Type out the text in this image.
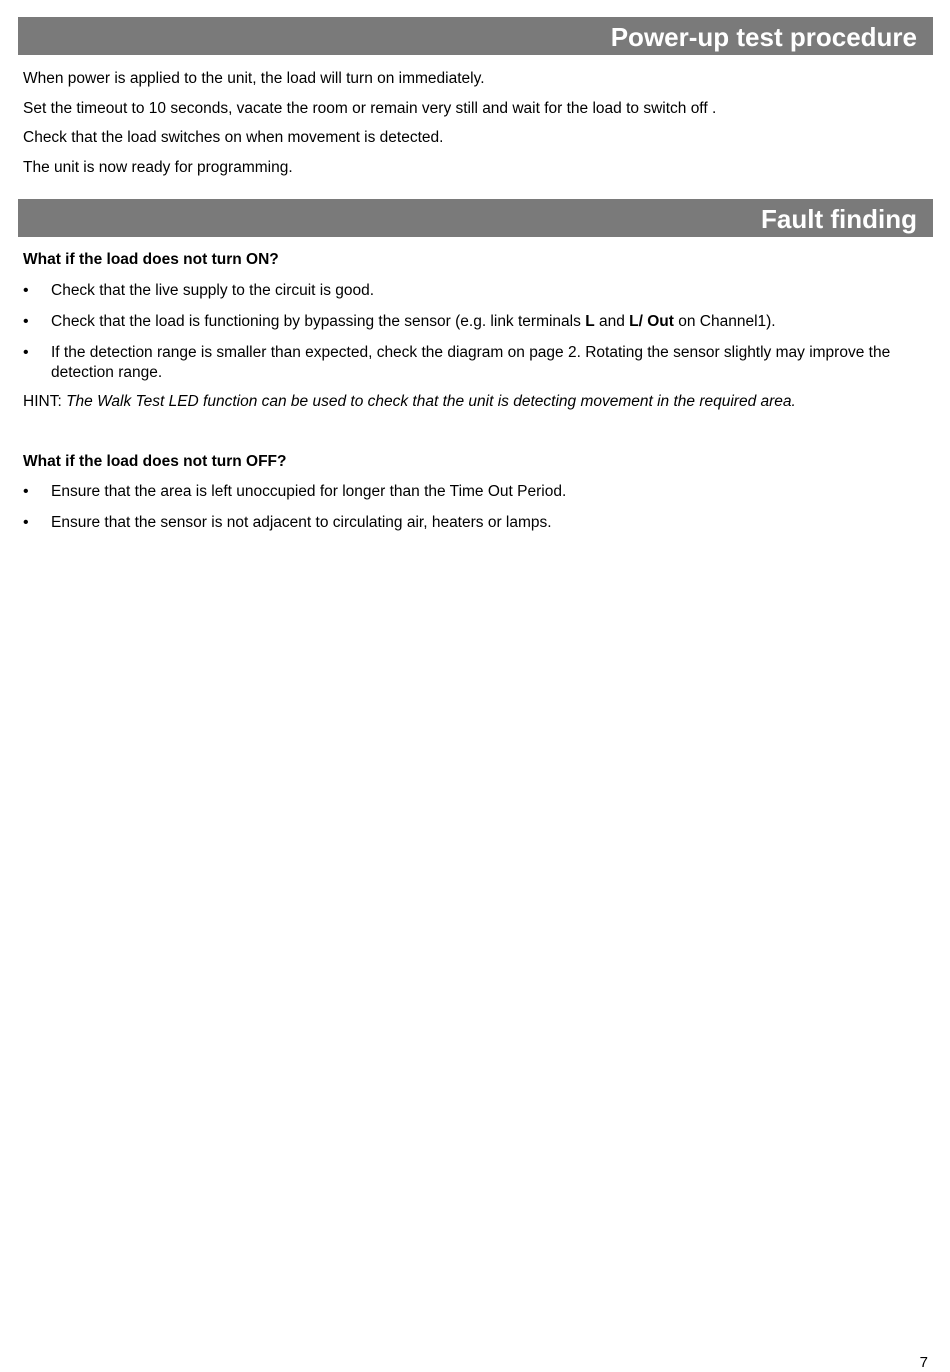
Power-up test procedure
When power is applied to the unit, the load will turn on immediately.
Set the timeout to 10 seconds, vacate the room or remain very still and wait for the load to switch off .
Check that the load switches on when movement is detected.
The unit is now ready for programming.
Fault finding
What if the load does not turn ON?
•	Check that the live supply to the circuit is good.
•	Check that the load is functioning by bypassing the sensor (e.g. link terminals L and L/ Out on Channel1).
•	If the detection range is smaller than expected, check the diagram on page 2. Rotating the sensor slightly may improve the detection range.
HINT: The Walk Test LED function can be used to check that the unit is detecting movement in the required area.
What if the load does not turn OFF?
•	Ensure that the area is left unoccupied for longer than the Time Out Period.
•	Ensure that the sensor is not adjacent to circulating air, heaters or lamps.
7
